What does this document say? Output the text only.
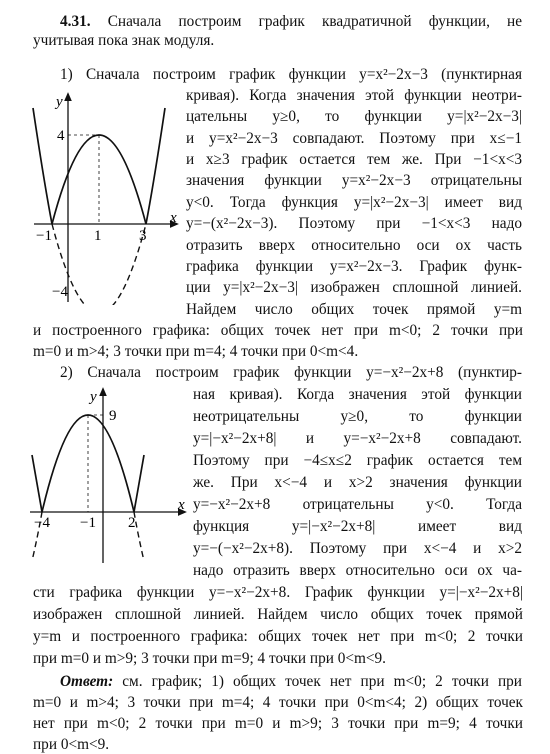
4.31. Сначала построим график квадратичной функции, не
учитывая пока знак модуля.
y
x
4
−4
−1	1	3
1) Сначала построим график функции y=x²−2x−3 (пунктирная
кривая). Когда значения этой функции неотри-
цательны y≥0, то функции y=|x²−2x−3|
и y=x²−2x−3 совпадают. Поэтому при x≤−1
и x≥3 график остается тем же. При −1<x<3
значения функции y=x²−2x−3 отрицательны
y<0. Тогда функция y=|x²−2x−3| имеет вид
y=−(x²−2x−3). Поэтому при −1<x<3 надо
отразить вверх относительно оси ox часть
графика функции y=x²−2x−3. График функ-
ции y=|x²−2x−3| изображен сплошной линией.
Найдем число общих точек прямой y=m
и построенного графика: общих точек нет при m<0; 2 точки при
m=0 и m>4; 3 точки при m=4; 4 точки при 0<m<4.
y
x
9
−4 −1 2
2) Сначала построим график функции y=−x²−2x+8 (пунктир-
ная кривая). Когда значения этой функции
неотрицательны y≥0, то функции
y=|−x²−2x+8| и y=−x²−2x+8 совпадают.
Поэтому при −4≤x≤2 график остается тем
же. При x<−4 и x>2 значения функции
y=−x²−2x+8 отрицательны y<0. Тогда
функция y=|−x²−2x+8| имеет вид
y=−(−x²−2x+8). Поэтому при x<−4 и x>2
надо отразить вверх относительно оси ox ча-
сти графика функции y=−x²−2x+8. График функции y=|−x²−2x+8|
изображен сплошной линией. Найдем число общих точек прямой
y=m и построенного графика: общих точек нет при m<0; 2 точки
при m=0 и m>9; 3 точки при m=9; 4 точки при 0<m<9.
Ответ: см. график; 1) общих точек нет при m<0; 2 точки при
m=0 и m>4; 3 точки при m=4; 4 точки при 0<m<4; 2) общих точек
нет при m<0; 2 точки при m=0 и m>9; 3 точки при m=9; 4 точки
при 0<m<9.
